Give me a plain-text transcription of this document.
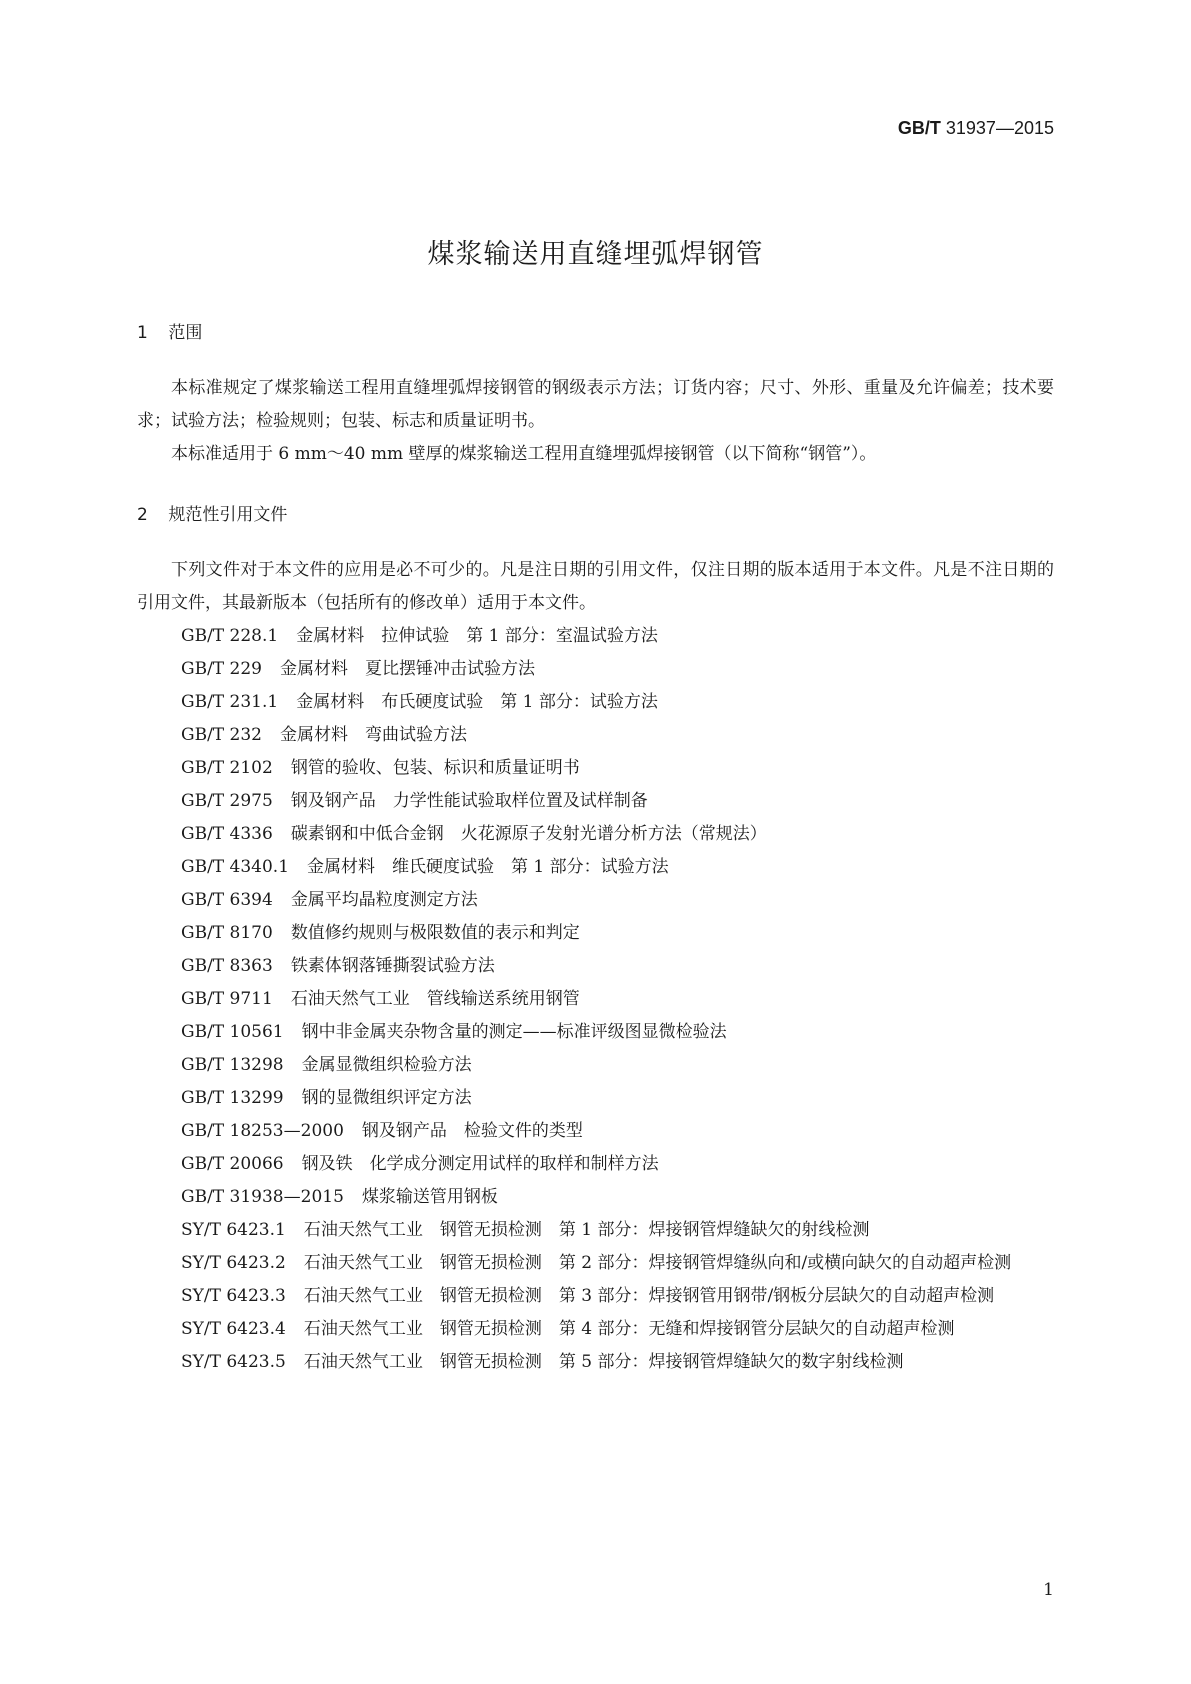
GB/T 31937—2015
煤浆输送用直缝埋弧焊钢管
1 范围

本标准规定了煤浆输送工程用直缝埋弧焊接钢管的钢级表示方法；订货内容；尺寸、外形、重量及允许偏差；技术要求；试验方法；检验规则；包装、标志和质量证明书。

本标准适用于 6 mm～40 mm 壁厚的煤浆输送工程用直缝埋弧焊接钢管（以下简称“钢管”）。

2 规范性引用文件

下列文件对于本文件的应用是必不可少的。凡是注日期的引用文件，仅注日期的版本适用于本文件。凡是不注日期的引用文件，其最新版本（包括所有的修改单）适用于本文件。

GB/T 228.1 金属材料　拉伸试验　第 1 部分：室温试验方法
GB/T 229 金属材料　夏比摆锤冲击试验方法
GB/T 231.1 金属材料　布氏硬度试验　第 1 部分：试验方法
GB/T 232 金属材料　弯曲试验方法
GB/T 2102 钢管的验收、包装、标识和质量证明书
GB/T 2975 钢及钢产品　力学性能试验取样位置及试样制备
GB/T 4336 碳素钢和中低合金钢　火花源原子发射光谱分析方法（常规法）
GB/T 4340.1 金属材料　维氏硬度试验　第 1 部分：试验方法
GB/T 6394 金属平均晶粒度测定方法
GB/T 8170 数值修约规则与极限数值的表示和判定
GB/T 8363 铁素体钢落锤撕裂试验方法
GB/T 9711 石油天然气工业　管线输送系统用钢管
GB/T 10561 钢中非金属夹杂物含量的测定——标准评级图显微检验法
GB/T 13298 金属显微组织检验方法
GB/T 13299 钢的显微组织评定方法
GB/T 18253—2000 钢及钢产品　检验文件的类型
GB/T 20066 钢及铁　化学成分测定用试样的取样和制样方法
GB/T 31938—2015 煤浆输送管用钢板
SY/T 6423.1 石油天然气工业　钢管无损检测　第 1 部分：焊接钢管焊缝缺欠的射线检测
SY/T 6423.2 石油天然气工业　钢管无损检测　第 2 部分：焊接钢管焊缝纵向和/或横向缺欠的自动超声检测
SY/T 6423.3 石油天然气工业　钢管无损检测　第 3 部分：焊接钢管用钢带/钢板分层缺欠的自动超声检测
SY/T 6423.4 石油天然气工业　钢管无损检测　第 4 部分：无缝和焊接钢管分层缺欠的自动超声检测
SY/T 6423.5 石油天然气工业　钢管无损检测　第 5 部分：焊接钢管焊缝缺欠的数字射线检测
1
